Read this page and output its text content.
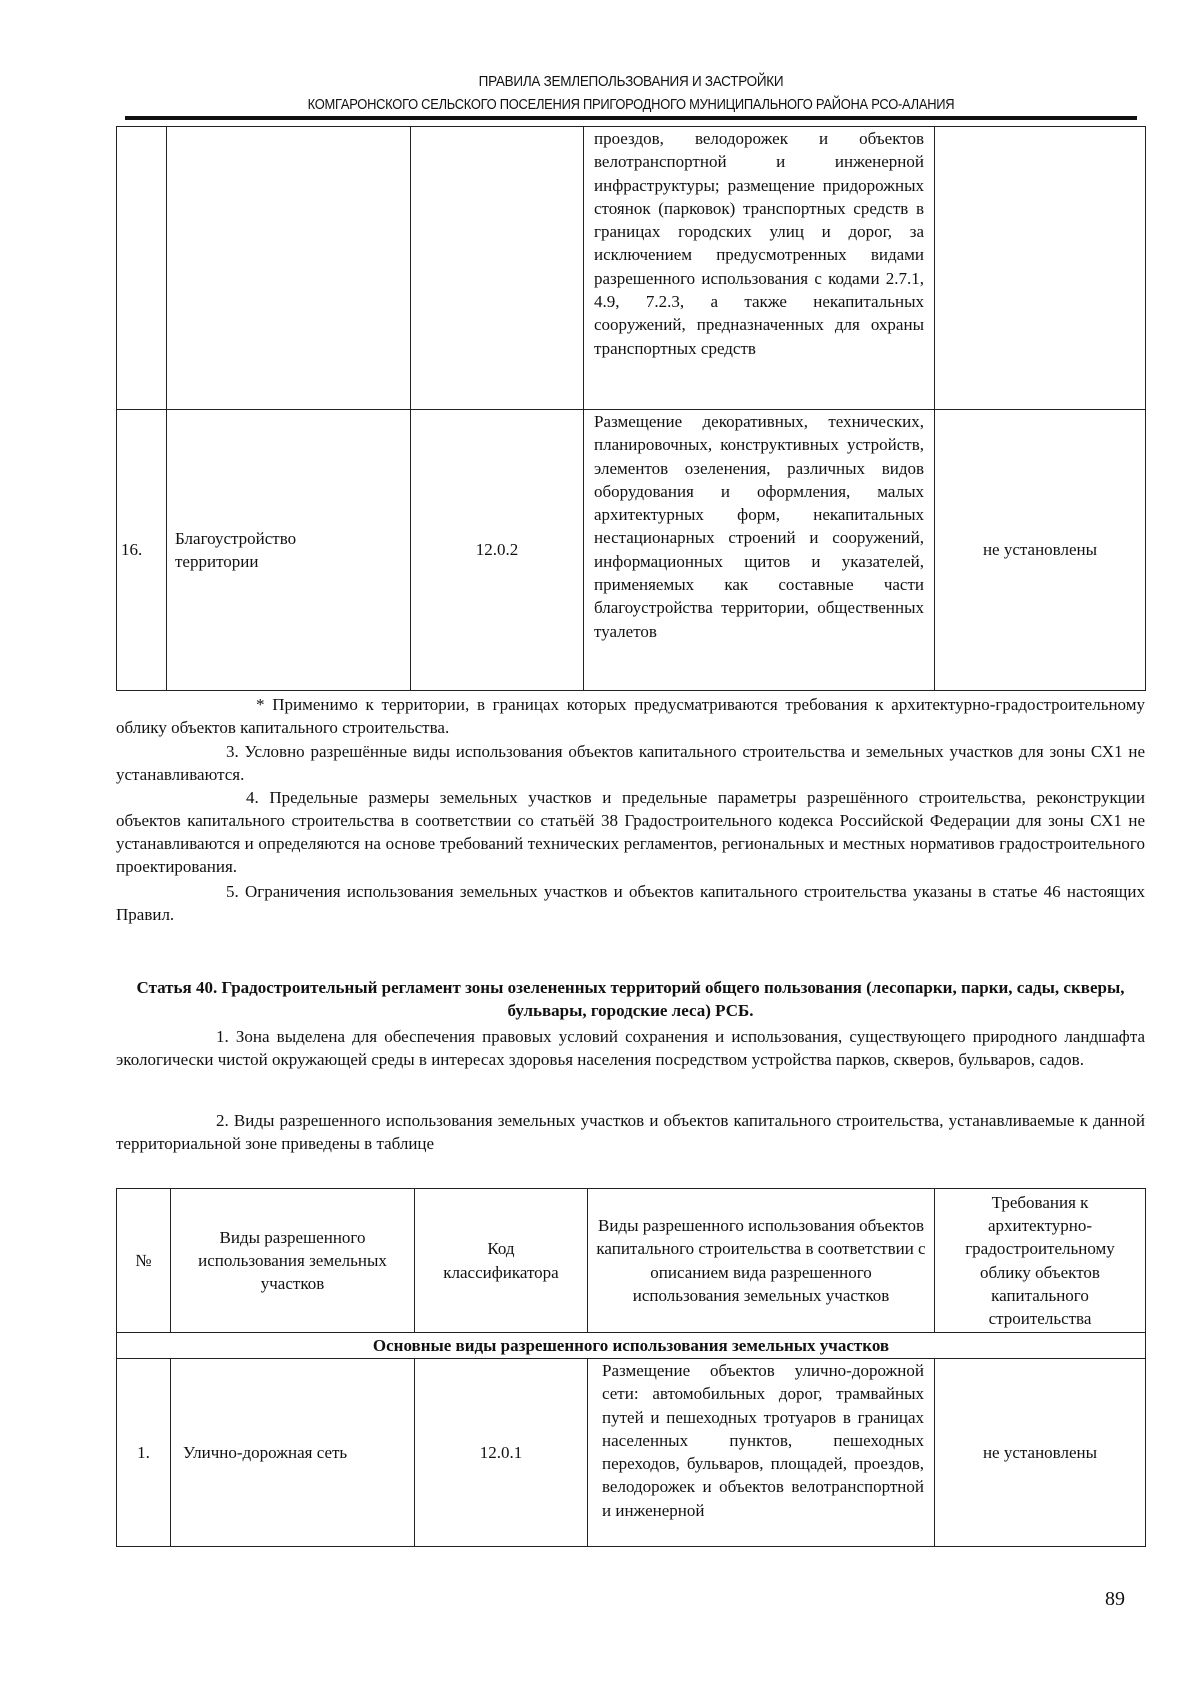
ПРАВИЛА ЗЕМЛЕПОЛЬЗОВАНИЯ И ЗАСТРОЙКИ
КОМГАРОНСКОГО СЕЛЬСКОГО ПОСЕЛЕНИЯ ПРИГОРОДНОГО МУНИЦИПАЛЬНОГО РАЙОНА РСО-АЛАНИЯ
			проездов, велодорожек и объектов велотранспортной и инженерной инфраструктуры; размещение придорожных стоянок (парковок) транспортных средств в границах городских улиц и дорог, за исключением предусмотренных видами разрешенного использования с кодами 2.7.1, 4.9, 7.2.3, а также некапитальных сооружений, предназначенных для охраны транспортных средств	
16.	Благоустройство территории	12.0.2	Размещение декоративных, технических, планировочных, конструктивных устройств, элементов озеленения, различных видов оборудования и оформления, малых архитектурных форм, некапитальных нестационарных строений и сооружений, информационных щитов и указателей, применяемых как составные части благоустройства территории, общественных туалетов	не установлены
* Применимо к территории, в границах которых предусматриваются требования к архитектурно-градостроительному облику объектов капитального строительства.
3. Условно разрешённые виды использования объектов капитального строительства и земельных участков для зоны СХ1 не устанавливаются.
4. Предельные размеры земельных участков и предельные параметры разрешённого строительства, реконструкции объектов капитального строительства в соответствии со статьёй 38 Градостроительного кодекса Российской Федерации для зоны СХ1 не устанавливаются и определяются на основе требований технических регламентов, региональных и местных нормативов градостроительного проектирования.
5. Ограничения использования земельных участков и объектов капитального строительства указаны в статье 46 настоящих Правил.
Статья 40. Градостроительный регламент зоны озелененных территорий общего пользования (лесопарки, парки, сады, скверы, бульвары, городские леса) РСБ.
1. Зона выделена для обеспечения правовых условий сохранения и использования, существующего природного ландшафта экологически чистой окружающей среды в интересах здоровья населения посредством устройства парков, скверов, бульваров, садов.
2. Виды разрешенного использования земельных участков и объектов капитального строительства, устанавливаемые к данной территориальной зоне приведены в таблице
№	Виды разрешенного использования земельных участков	Код классификатора	Виды разрешенного использования объектов капитального строительства в соответствии с описанием вида разрешенного использования земельных участков	Требования к архитектурно-градостроительному облику объектов капитального строительства
Основные виды разрешенного использования земельных участков				
1.	Улично-дорожная сеть	12.0.1	Размещение объектов улично-дорожной сети: автомобильных дорог, трамвайных путей и пешеходных тротуаров в границах населенных пунктов, пешеходных переходов, бульваров, площадей, проездов, велодорожек и объектов велотранспортной и инженерной	не установлены
89
